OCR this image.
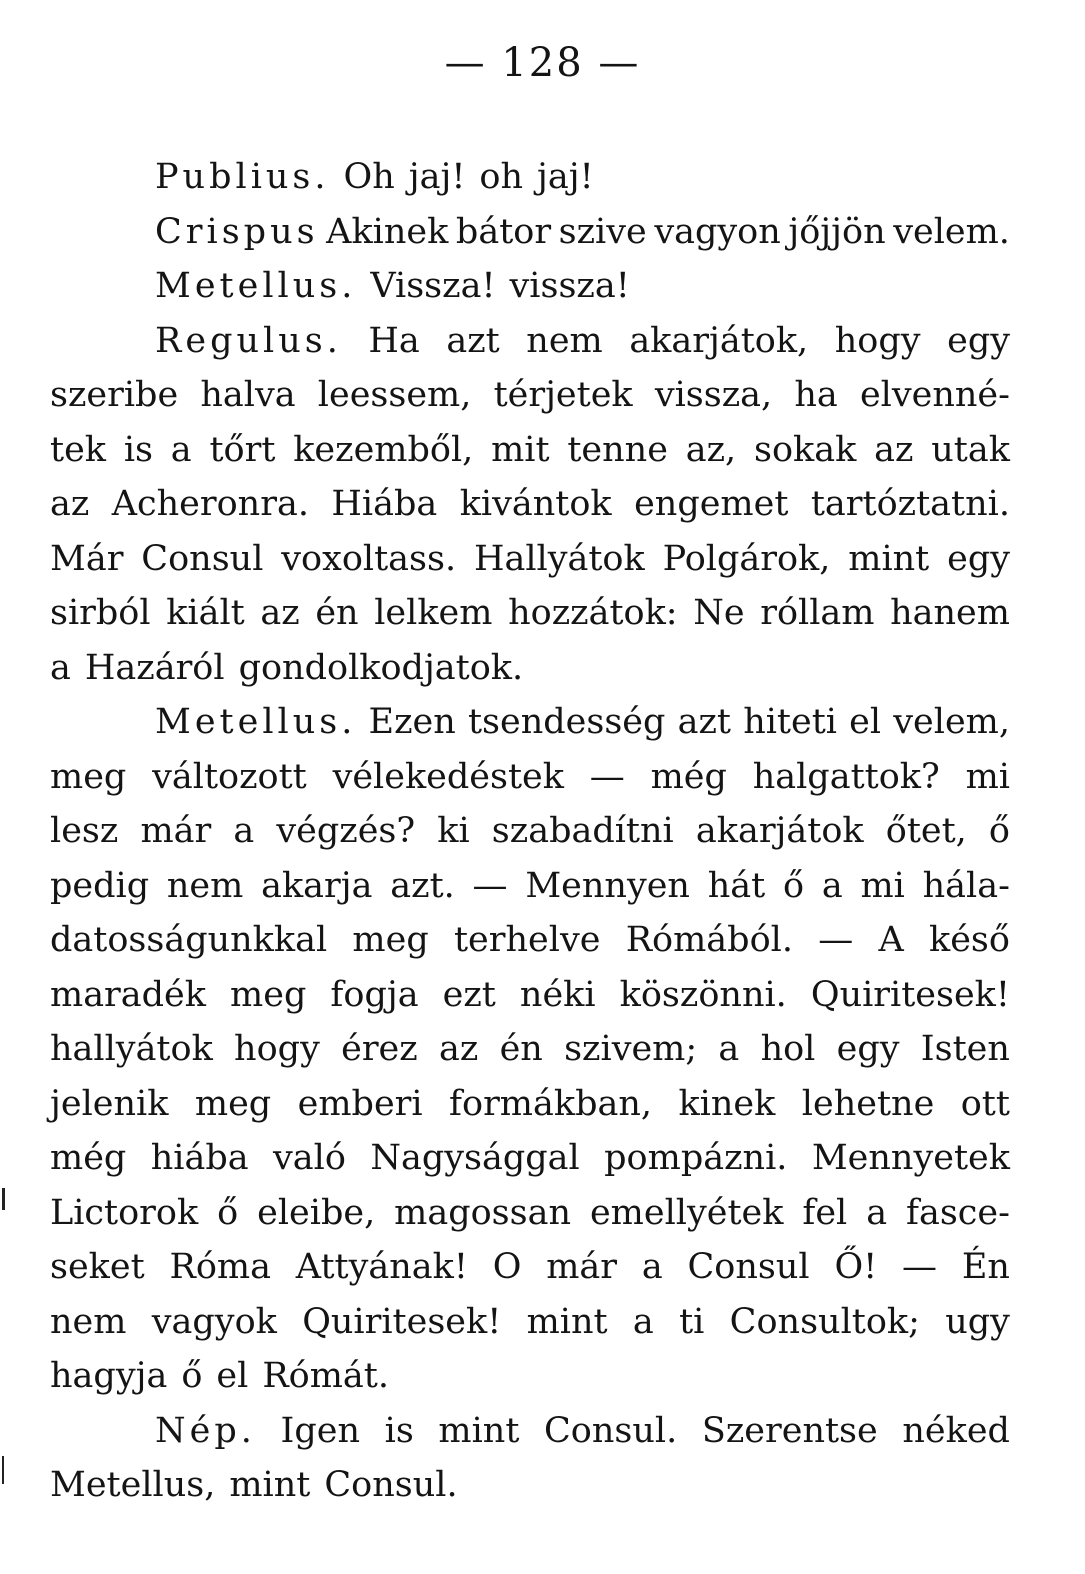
— 128 —
Publius. Oh jaj! oh jaj!
Crispus Akinek bátor szive vagyon jőjjön velem.
Metellus. Vissza! vissza!
Regulus. Ha azt nem akarjátok, hogy egy
szeribe halva leessem, térjetek vissza, ha elvenné-
tek is a tőrt kezemből, mit tenne az, sokak az utak
az Acheronra. Hiába kivántok engemet tartóztatni.
Már Consul voxoltass. Hallyátok Polgárok, mint egy
sirból kiált az én lelkem hozzátok: Ne róllam hanem
a Hazáról gondolkodjatok.
Metellus. Ezen tsendesség azt hiteti el velem,
meg változott vélekedéstek — még halgattok? mi
lesz már a végzés? ki szabadítni akarjátok őtet, ő
pedig nem akarja azt. — Mennyen hát ő a mi hála-
datosságunkkal meg terhelve Rómából. — A késő
maradék meg fogja ezt néki köszönni. Quiritesek!
hallyátok hogy érez az én szivem; a hol egy Isten
jelenik meg emberi formákban, kinek lehetne ott
még hiába való Nagysággal pompázni. Mennyetek
Lictorok ő eleibe, magossan emellyétek fel a fasce-
seket Róma Attyának! O már a Consul Ő! — Én
nem vagyok Quiritesek! mint a ti Consultok; ugy
hagyja ő el Rómát.
Nép. Igen is mint Consul. Szerentse néked
Metellus, mint Consul.
